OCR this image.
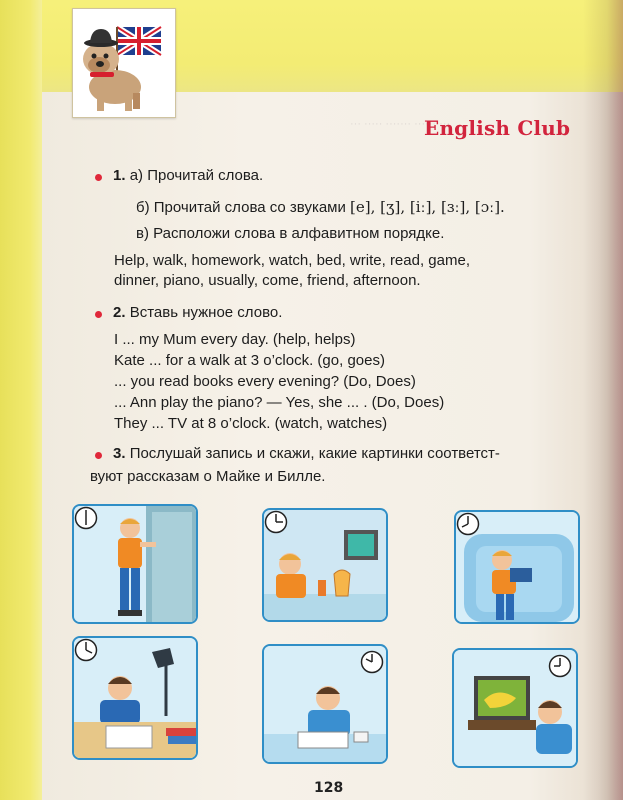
··· ····· ······· ······ ···
English Club
1. а) Прочитай слова.
б) Прочитай слова со звуками [e], [ʒ], [iː], [ɜː], [ɔː].
в) Расположи слова в алфавитном порядке.
Help, walk, homework, watch, bed, write, read, game,
dinner, piano, usually, come, friend, afternoon.
2. Вставь нужное слово.
I ... my Mum every day. (help, helps)
Kate ... for a walk at 3 o’clock. (go, goes)
... you read books every evening? (Do, Does)
... Ann play the piano? — Yes, she ... . (Do, Does)
They ... TV at 8 o’clock. (watch, watches)
3. Послушай запись и скажи, какие картинки соответст-
вуют рассказам о Майке и Билле.
128
